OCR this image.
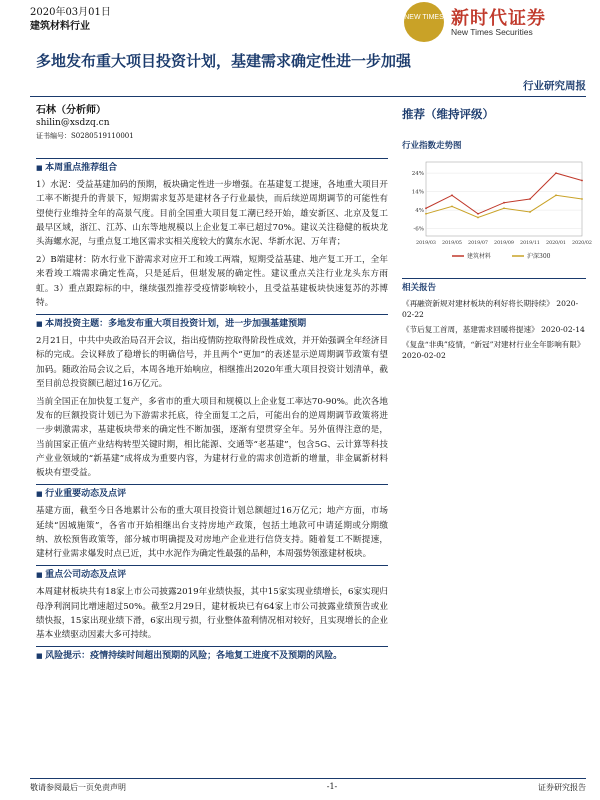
2020年03月01日
建筑材料行业
NEW TIMES 新时代证券
New Times Securities
多地发布重大项目投资计划，基建需求确定性进一步加强
行业研究周报
石林（分析师）
shilin@xsdzq.cn
证书编号：S0280519110001
推荐（维持评级）
■ 本周重点推荐组合

1）水泥：受益基建加码的预期，板块确定性进一步增强。在基建复工提速，各地重大项目开工率不断提升的背景下，短期需求复苏是建材各子行业最快，而后续逆周期调节的可能性有望使行业维持全年的高景气度。目前全国重大项目复工潮已经开始，雄安新区、北京及复工最早区域，浙江、江苏、山东等地规模以上企业复工率已超过70%。建议关注稳健的板块龙头海螺水泥，与重点复工地区需求实相关度较大的冀东水泥、华新水泥、万年青；

2）B端建材：防水行业下游需求对应开工和竣工两端，短期受益基建、地产复工开工，全年来看竣工端需求确定性高，只是延后，但堪发展的确定性。建议重点关注行业龙头东方雨虹。3）重点跟踪标的中，继续强烈推荐受疫情影响较小，且受益基建板块快速复苏的苏博特。

■ 本周投资主题：多地发布重大项目投资计划，进一步加强基建预期

2月21日，中共中央政治局召开会议，指出疫情防控取得阶段性成效，并开始强调全年经济目标的完成。会议释放了稳增长的明确信号，并且两个“更加”的表述显示逆周期调节政策有望加码。随政治局会议之后，本周各地开始响应，相继推出2020年重大项目投资计划清单，截至目前总投资额已超过16万亿元。

当前全国正在加快复工复产，多省市的重大项目和规模以上企业复工率达70-90%。此次各地发布的巨额投资计划已为下游需求托底，待全面复工之后，可能出台的逆周期调节政策将进一步刺激需求，基建板块带来的确定性不断加强，逐渐有望贯穿全年。另外值得注意的是，当前国家正值产业结构转型关键时期，相比能源、交通等“老基建”，包含5G、云计算等科技产业业领域的“新基建”成将成为重要内容，为建材行业的需求创造新的增量，非金属新材料板块有望受益。

■ 行业重要动态及点评

基建方面，截至今日各地累计公布的重大项目投资计划总额超过16万亿元；地产方面，市场延续“因城施策”，各省市开始相继出台支持房地产政策，包括土地款可申请延期或分期缴纳、放松预售政策等，部分城市明确提及对房地产企业进行信贷支持。随着复工不断提速，建材行业需求爆发时点已近，其中水泥作为确定性最强的品种，本周强势领涨建材板块。

■ 重点公司动态及点评

本周建材板块共有18家上市公司披露2019年业绩快报，其中15家实现业绩增长，6家实现归母净利润同比增速超过50%。截至2月29日，建材板块已有64家上市公司披露业绩预告或业绩快报，15家出现业绩下滑，6家出现亏损，行业整体盈利情况相对较好，且实现增长的企业基本业绩驱动因素大多可持续。

■ 风险提示：疫情持续时间超出预期的风险；各地复工进度不及预期的风险。
行业指数走势图
24%
14%
4%
-6%
2019/03 2019/05 2019/07 2019/09 2019/11 2020/01 2020/02
建筑材料	沪深300
相关报告

《再融资新规对建材板块的利好将长期持续》 2020-02-22

《节后复工首周，基建需求回暖将提速》 2020-02-14

《复盘“非典”疫情，“新冠”对建材行业全年影响有限》 2020-02-02

敬请参阅最后一页免责声明	-1-	证券研究报告
